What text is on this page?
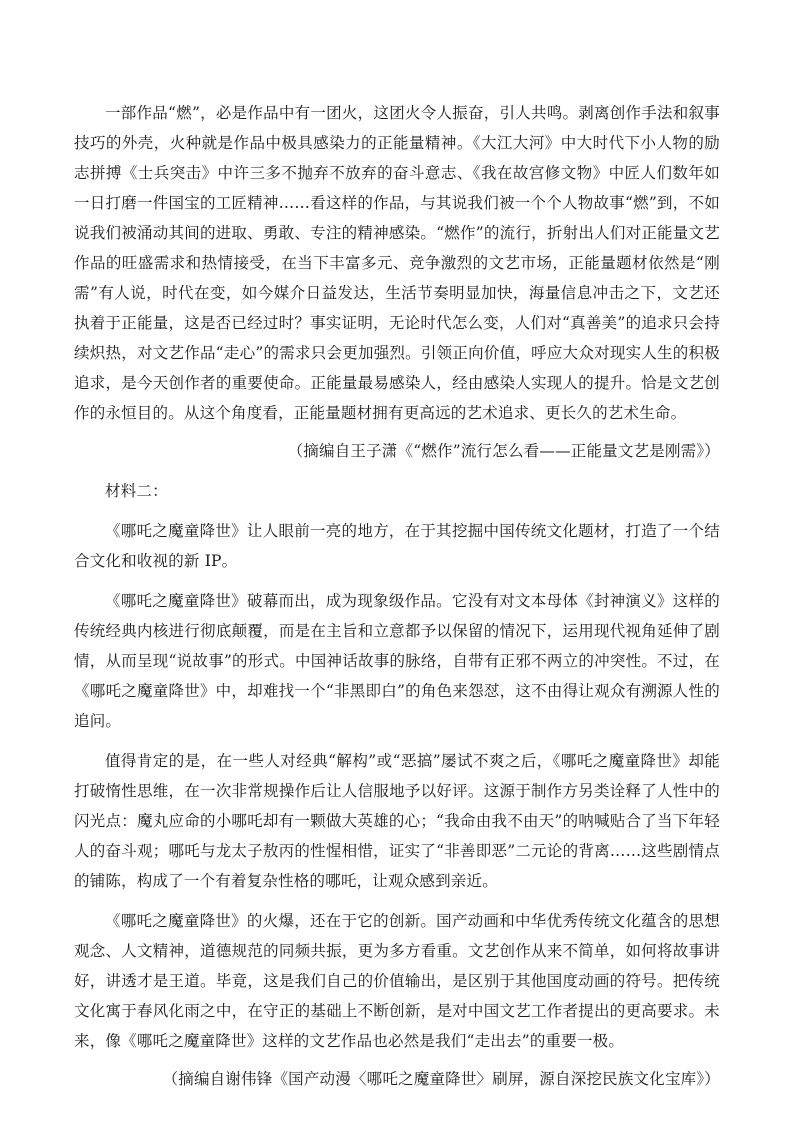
一部作品“燃”，必是作品中有一团火，这团火令人振奋，引人共鸣。剥离创作手法和叙事技巧的外壳，火种就是作品中极具感染力的正能量精神。《大江大河》中大时代下小人物的励志拼搏《士兵突击》中许三多不抛弃不放弃的奋斗意志、《我在故宫修文物》中匠人们数年如一日打磨一件国宝的工匠精神……看这样的作品，与其说我们被一个个人物故事“燃”到，不如说我们被涌动其间的进取、勇敢、专注的精神感染。“燃作”的流行，折射出人们对正能量文艺作品的旺盛需求和热情接受，在当下丰富多元、竞争激烈的文艺市场，正能量题材依然是“刚需”有人说，时代在变，如今媒介日益发达，生活节奏明显加快，海量信息冲击之下，文艺还执着于正能量，这是否已经过时？事实证明，无论时代怎么变，人们对“真善美”的追求只会持续炽热，对文艺作品“走心”的需求只会更加强烈。引领正向价值，呼应大众对现实人生的积极追求，是今天创作者的重要使命。正能量最易感染人，经由感染人实现人的提升。恰是文艺创作的永恒目的。从这个角度看，正能量题材拥有更高远的艺术追求、更长久的艺术生命。

（摘编自王子潇《“燃作”流行怎么看——正能量文艺是刚需》）

材料二：

《哪吒之魔童降世》让人眼前一亮的地方，在于其挖掘中国传统文化题材，打造了一个结合文化和收视的新 IP。

《哪吒之魔童降世》破幕而出，成为现象级作品。它没有对文本母体《封神演义》这样的传统经典内核进行彻底颠覆，而是在主旨和立意都予以保留的情况下，运用现代视角延伸了剧情，从而呈现“说故事”的形式。中国神话故事的脉络，自带有正邪不两立的冲突性。不过，在《哪吒之魔童降世》中，却难找一个“非黑即白”的角色来怨怼，这不由得让观众有溯源人性的追问。

值得肯定的是，在一些人对经典“解构”或“恶搞”屡试不爽之后，《哪吒之魔童降世》却能打破惰性思维，在一次非常规操作后让人信服地予以好评。这源于制作方另类诠释了人性中的闪光点：魔丸应命的小哪吒却有一颗做大英雄的心；“我命由我不由天”的呐喊贴合了当下年轻人的奋斗观；哪吒与龙太子敖丙的性惺相惜，证实了“非善即恶”二元论的背离……这些剧情点的铺陈，构成了一个有着复杂性格的哪吒，让观众感到亲近。

《哪吒之魔童降世》的火爆，还在于它的创新。国产动画和中华优秀传统文化蕴含的思想观念、人文精神，道德规范的同频共振，更为多方看重。文艺创作从来不简单，如何将故事讲好，讲透才是王道。毕竟，这是我们自己的价值输出，是区别于其他国度动画的符号。把传统文化寓于春风化雨之中，在守正的基础上不断创新，是对中国文艺工作者提出的更高要求。未来，像《哪吒之魔童降世》这样的文艺作品也必然是我们“走出去”的重要一极。

（摘编自谢伟锋《国产动漫〈哪吒之魔童降世〉刷屏，源自深挖民族文化宝库》）
